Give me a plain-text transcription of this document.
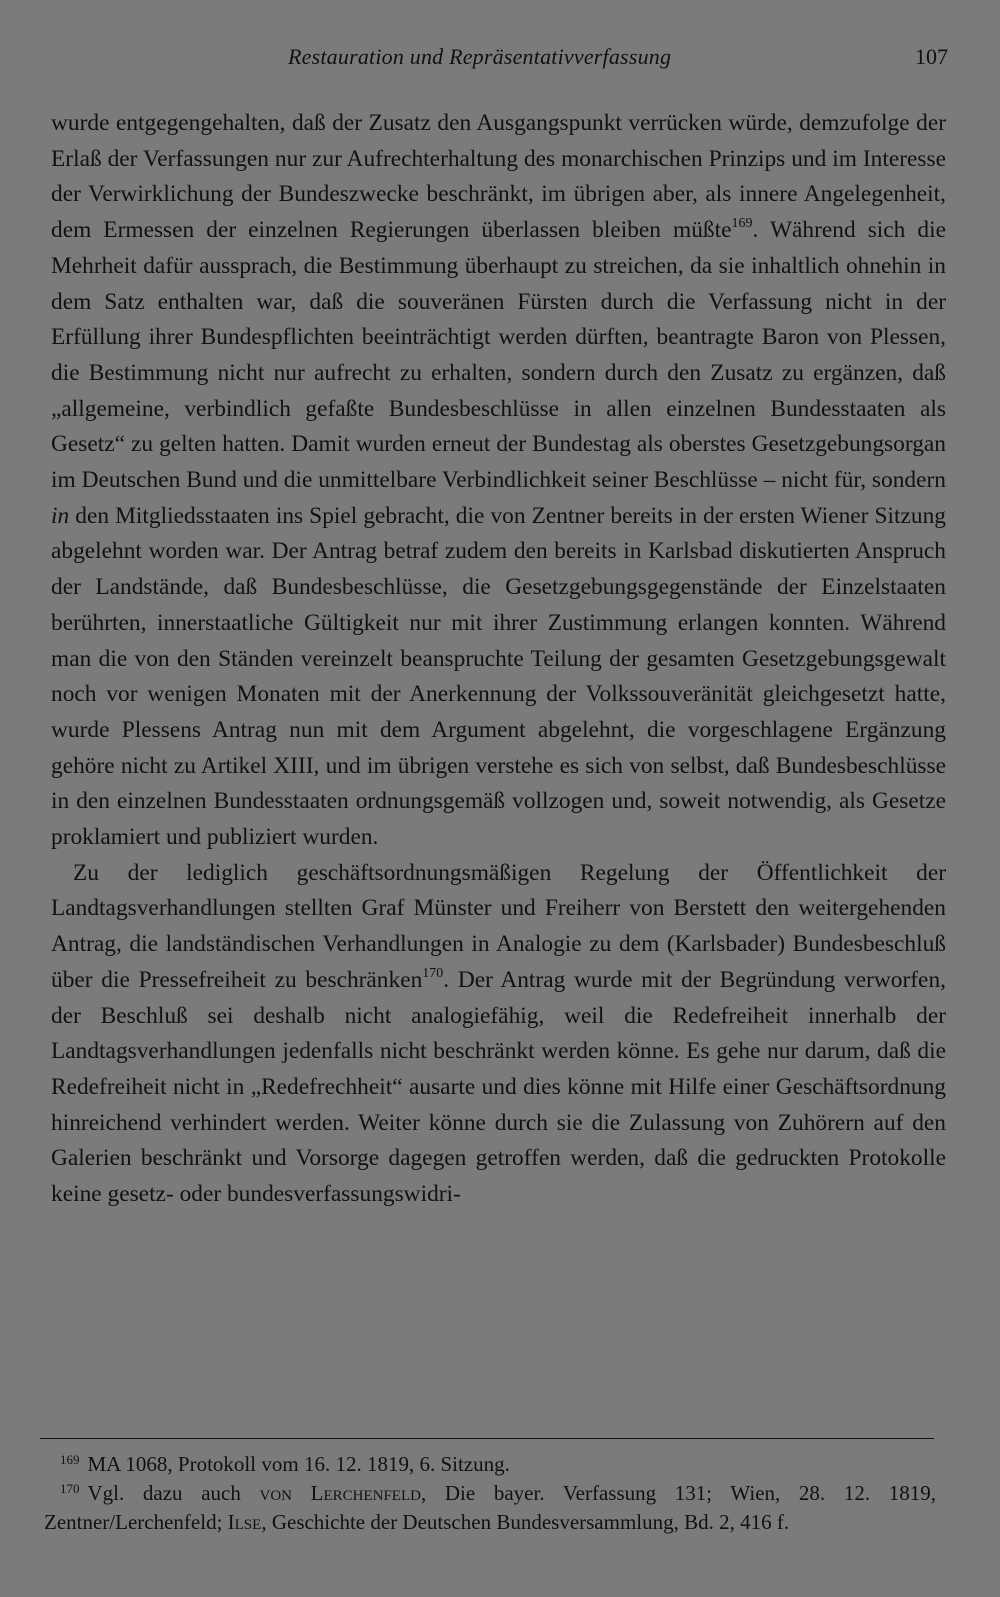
Restauration und Repräsentativverfassung	107

wurde entgegengehalten, daß der Zusatz den Ausgangspunkt verrücken würde, demzufolge der Erlaß der Verfassungen nur zur Aufrechterhaltung des monarchischen Prinzips und im Interesse der Verwirklichung der Bundeszwecke beschränkt, im übrigen aber, als innere Angelegenheit, dem Ermessen der einzelnen Regierungen überlassen bleiben müßte$^{169}$. Während sich die Mehrheit dafür aussprach, die Bestimmung überhaupt zu streichen, da sie inhaltlich ohnehin in dem Satz enthalten war, daß die souveränen Fürsten durch die Verfassung nicht in der Erfüllung ihrer Bundespflichten beeinträchtigt werden dürften, beantragte Baron von Plessen, die Bestimmung nicht nur aufrecht zu erhalten, sondern durch den Zusatz zu ergänzen, daß „allgemeine, verbindlich gefaßte Bundesbeschlüsse in allen einzelnen Bundesstaaten als Gesetz“ zu gelten hatten. Damit wurden erneut der Bundestag als oberstes Gesetzgebungsorgan im Deutschen Bund und die unmittelbare Verbindlichkeit seiner Beschlüsse – nicht für, sondern in den Mitgliedsstaaten ins Spiel gebracht, die von Zentner bereits in der ersten Wiener Sitzung abgelehnt worden war. Der Antrag betraf zudem den bereits in Karlsbad diskutierten Anspruch der Landstände, daß Bundesbeschlüsse, die Gesetzgebungsgegenstände der Einzelstaaten berührten, innerstaatliche Gültigkeit nur mit ihrer Zustimmung erlangen konnten. Während man die von den Ständen vereinzelt beanspruchte Teilung der gesamten Gesetzgebungsgewalt noch vor wenigen Monaten mit der Anerkennung der Volkssouveränität gleichgesetzt hatte, wurde Plessens Antrag nun mit dem Argument abgelehnt, die vorgeschlagene Ergänzung gehöre nicht zu Artikel XIII, und im übrigen verstehe es sich von selbst, daß Bundesbeschlüsse in den einzelnen Bundesstaaten ordnungsgemäß vollzogen und, soweit notwendig, als Gesetze proklamiert und publiziert wurden.

Zu der lediglich geschäftsordnungsmäßigen Regelung der Öffentlichkeit der Landtagsverhandlungen stellten Graf Münster und Freiherr von Berstett den weitergehenden Antrag, die landständischen Verhandlungen in Analogie zu dem (Karlsbader) Bundesbeschluß über die Pressefreiheit zu beschränken$^{170}$. Der Antrag wurde mit der Begründung verworfen, der Beschluß sei deshalb nicht analogiefähig, weil die Redefreiheit innerhalb der Landtagsverhandlungen jedenfalls nicht beschränkt werden könne. Es gehe nur darum, daß die Redefreiheit nicht in „Redefrechheit“ ausarte und dies könne mit Hilfe einer Geschäftsordnung hinreichend verhindert werden. Weiter könne durch sie die Zulassung von Zuhörern auf den Galerien beschränkt und Vorsorge dagegen getroffen werden, daß die gedruckten Protokolle keine gesetz- oder bundesverfassungswidri-

$^{169}$ MA 1068, Protokoll vom 16. 12. 1819, 6. Sitzung.

$^{170}$ Vgl. dazu auch von Lerchenfeld, Die bayer. Verfassung 131; Wien, 28. 12. 1819, Zentner/Lerchenfeld; Ilse, Geschichte der Deutschen Bundesversammlung, Bd. 2, 416 f.
